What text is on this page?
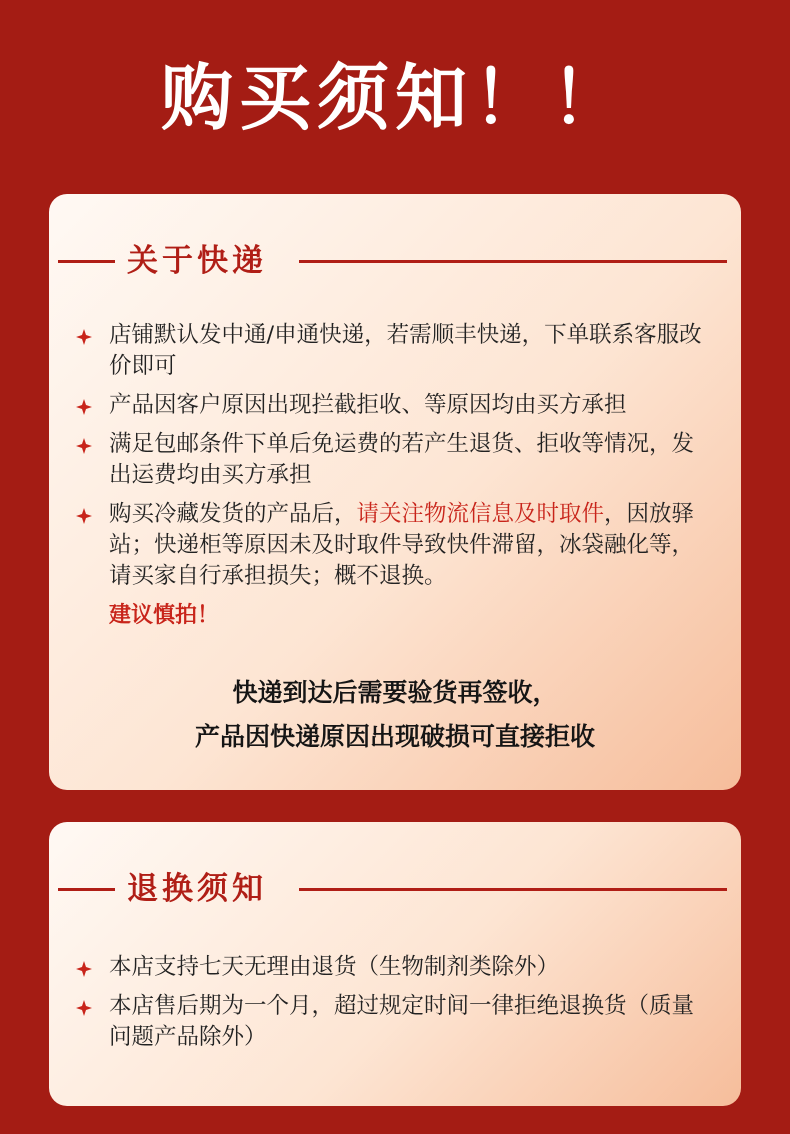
购买须知！！
关于快递
店铺默认发中通/申通快递，若需顺丰快递，下单联系客服改价即可
产品因客户原因出现拦截拒收、等原因均由买方承担
满足包邮条件下单后免运费的若产生退货、拒收等情况，发出运费均由买方承担
购买冷藏发货的产品后，请关注物流信息及时取件，因放驿站；快递柜等原因未及时取件导致快件滞留，冰袋融化等，请买家自行承担损失；概不退换。
建议慎拍！
快递到达后需要验货再签收，
产品因快递原因出现破损可直接拒收
退换须知
本店支持七天无理由退货（生物制剂类除外）
本店售后期为一个月，超过规定时间一律拒绝退换货（质量问题产品除外）
